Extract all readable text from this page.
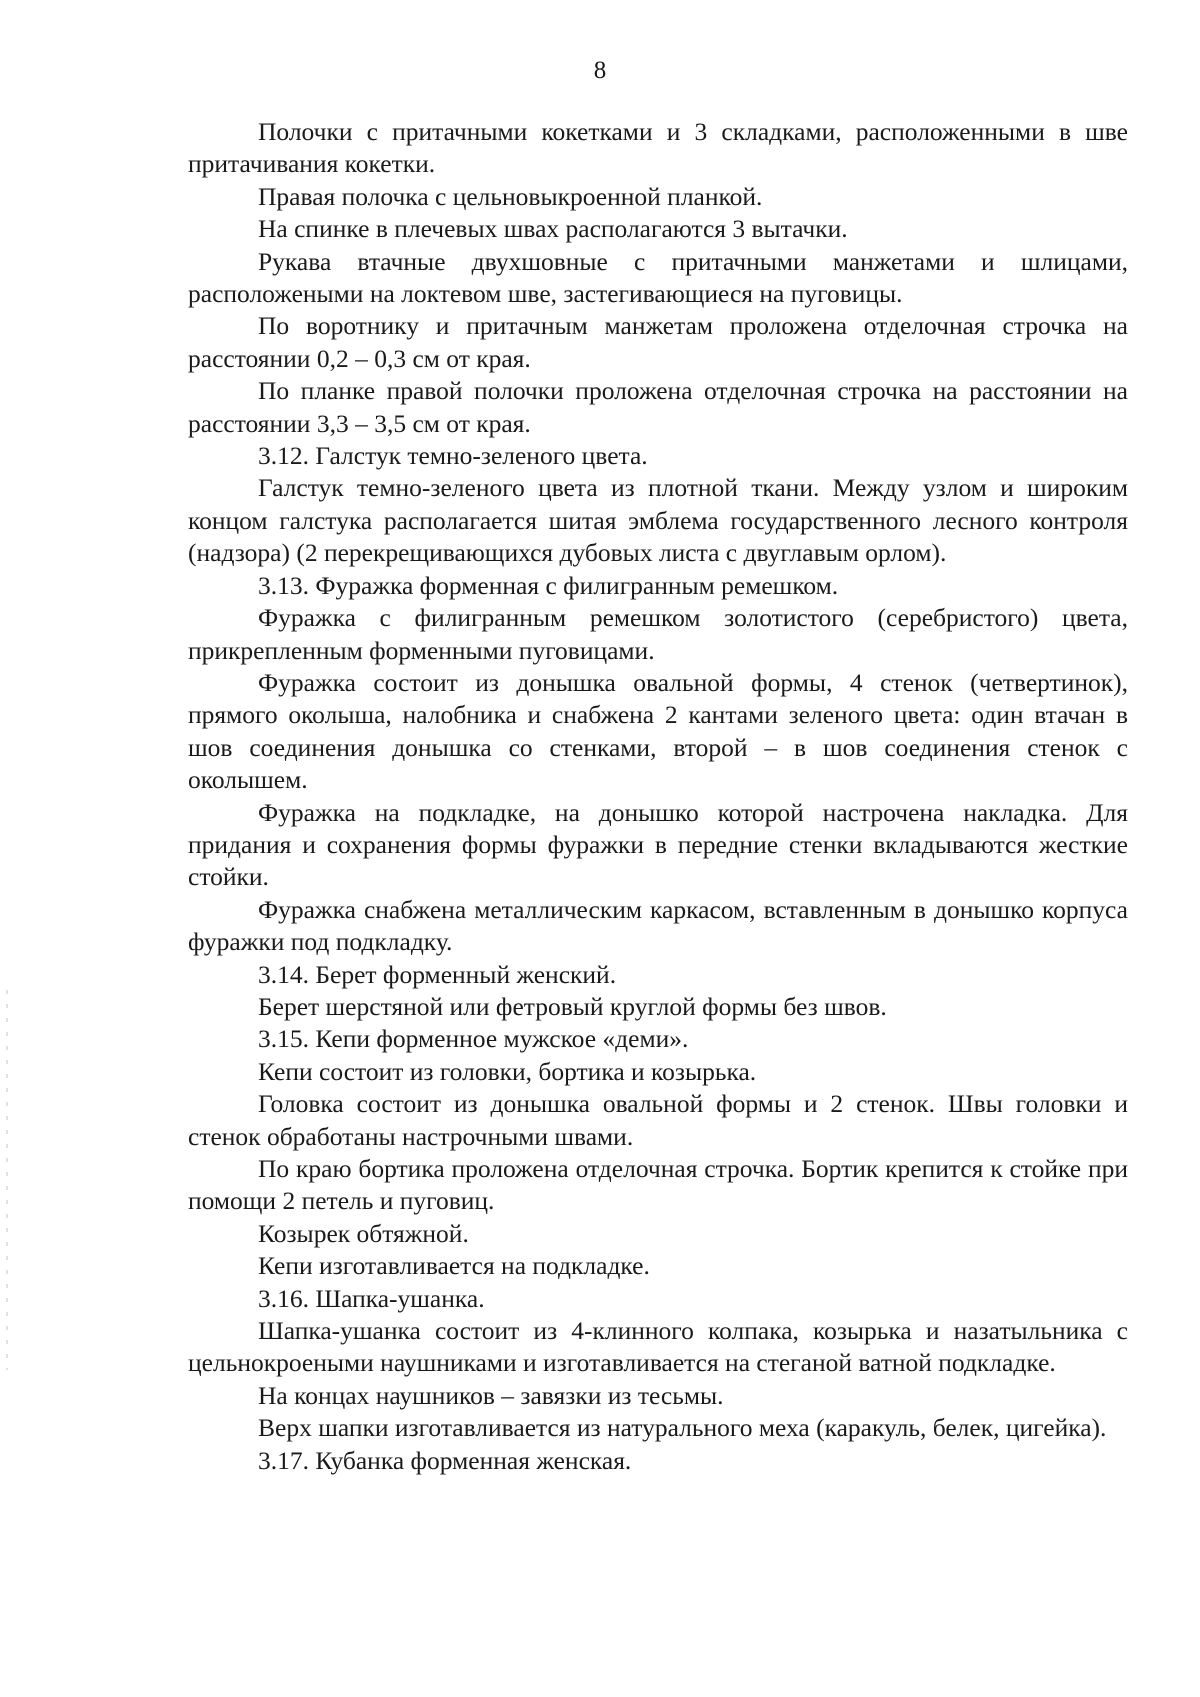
8

Полочки с притачными кокетками и 3 складками, расположенными в шве притачивания кокетки.

Правая полочка с цельновыкроенной планкой.

На спинке в плечевых швах располагаются 3 вытачки.

Рукава втачные двухшовные с притачными манжетами и шлицами, расположеными на локтевом шве, застегивающиеся на пуговицы.

По воротнику и притачным манжетам проложена отделочная строчка на расстоянии 0,2 – 0,3 см от края.

По планке правой полочки проложена отделочная строчка на расстоянии на расстоянии 3,3 – 3,5 см от края.

3.12. Галстук темно-зеленого цвета.

Галстук темно-зеленого цвета из плотной ткани. Между узлом и широким концом галстука располагается шитая эмблема государственного лесного контроля (надзора) (2 перекрещивающихся дубовых листа с двуглавым орлом).

3.13. Фуражка форменная с филигранным ремешком.

Фуражка с филигранным ремешком золотистого (серебристого) цвета, прикрепленным форменными пуговицами.

Фуражка состоит из донышка овальной формы, 4 стенок (четвертинок), прямого околыша, налобника и снабжена 2 кантами зеленого цвета: один втачан в шов соединения донышка со стенками, второй – в шов соединения стенок с околышем.

Фуражка на подкладке, на донышко которой настрочена накладка. Для придания и сохранения формы фуражки в передние стенки вкладываются жесткие стойки.

Фуражка снабжена металлическим каркасом, вставленным в донышко корпуса фуражки под подкладку.

3.14. Берет форменный женский.

Берет шерстяной или фетровый круглой формы без швов.

3.15. Кепи форменное мужское «деми».

Кепи состоит из головки, бортика и козырька.

Головка состоит из донышка овальной формы и 2 стенок. Швы головки и стенок обработаны настрочными швами.

По краю бортика проложена отделочная строчка. Бортик крепится к стойке при помощи 2 петель и пуговиц.

Козырек обтяжной.

Кепи изготавливается на подкладке.

3.16. Шапка-ушанка.

Шапка-ушанка состоит из 4-клинного колпака, козырька и назатыльника с цельнокроеными наушниками и изготавливается на стеганой ватной подкладке.

На концах наушников – завязки из тесьмы.

Верх шапки изготавливается из натурального меха (каракуль, белек, цигейка).

3.17. Кубанка форменная женская.
